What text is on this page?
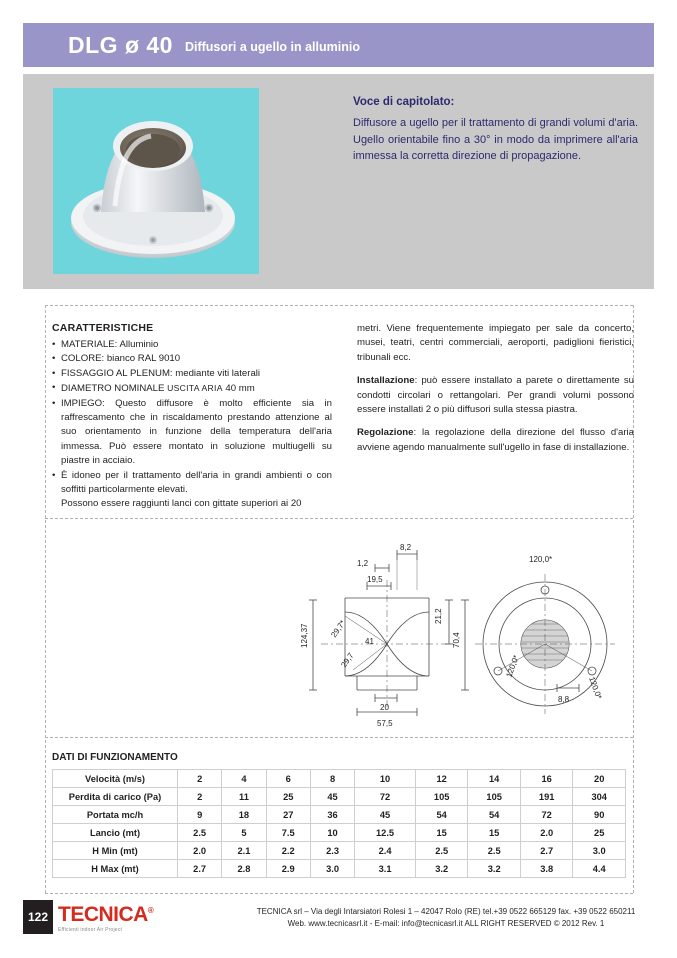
DLG ø 40 Diffusori a ugello in alluminio
Voce di capitolato:
Diffusore a ugello per il trattamento di grandi volumi d'aria. Ugello orientabile fino a 30° in modo da imprimere all'aria immessa la corretta direzione di propagazione.
CARATTERISTICHE
• MATERIALE: Alluminio
• COLORE: bianco RAL 9010
• FISSAGGIO AL PLENUM: mediante viti laterali
• DIAMETRO NOMINALE USCITA ARIA 40 mm
• IMPIEGO: Questo diffusore è molto efficiente sia in raffrescamento che in riscaldamento prestando attenzione al suo orientamento in funzione della temperatura dell'aria immessa. Può essere montato in soluzione multiugelli su piastre in acciaio.
• È idoneo per il trattamento dell'aria in grandi ambienti o con soffitti particolarmente elevati.
Possono essere raggiunti lanci con gittate superiori ai 20
metri. Viene frequentemente impiegato per sale da concerto, musei, teatri, centri commerciali, aeroporti, padiglioni fieristici, tribunali ecc.
Installazione: può essere installato a parete o direttamente su condotti circolari o rettangolari. Per grandi volumi possono essere installati 2 o più diffusori sulla stessa piastra.
Regolazione: la regolazione della direzione del flusso d'aria avviene agendo manualmente sull'ugello in fase di installazione.
8,2
1,2
19,5
21,2
70,4
29,7*
29,7
124,37	41
20
57,5
120,0*
120,0*
120,0*
8,8
DATI DI FUNZIONAMENTO
Velocità (m/s)	2	4	6	8	10	12	14	16	20
Perdita di carico (Pa)	2	11	25	45	72	105	105	191	304
Portata mc/h	9	18	27	36	45	54	54	72	90
Lancio (mt)	2.5	5	7.5	10	12.5	15	15	2.0	25
H Min (mt)	2.0	2.1	2.2	2.3	2.4	2.5	2.5	2.7	3.0
H Max (mt)	2.7	2.8	2.9	3.0	3.1	3.2	3.2	3.8	4.4
122 TECNICA®
Efficienti indoor Air Project
TECNICA srl – Via degli Intarsiatori Rolesi 1 – 42047 Rolo (RE) tel.+39 0522 665129 fax. +39 0522 650211
Web. www.tecnicasrl.it - E-mail: info@tecnicasrl.it ALL RIGHT RESERVED © 2012 Rev. 1
